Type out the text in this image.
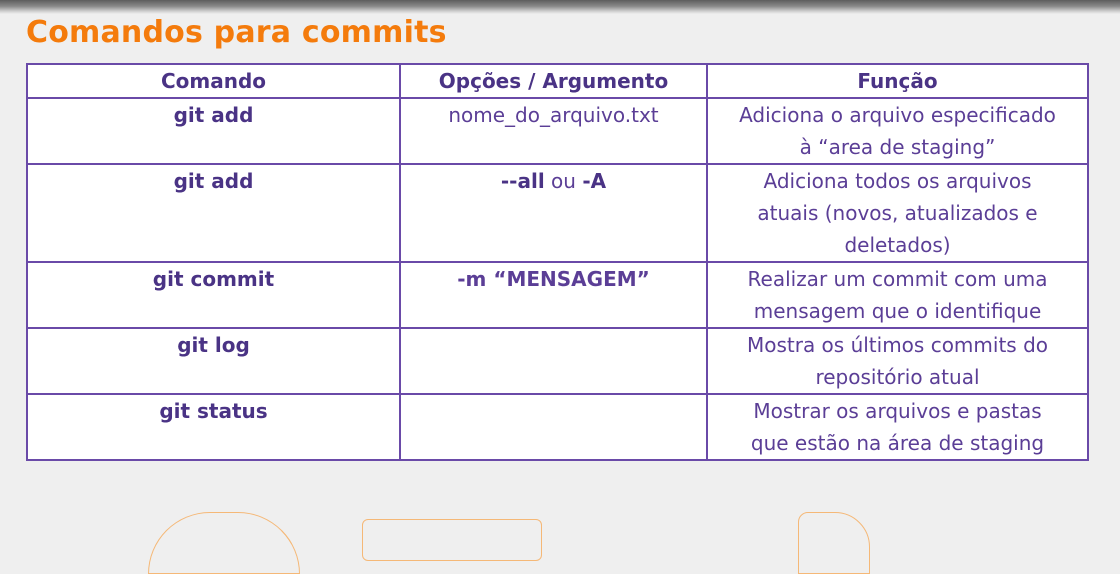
Comandos para commits
Comando	Opções / Argumento	Função
git add	nome_do_arquivo.txt	Adiciona o arquivo especificado
à “area de staging”

git add	--all ou -A	Adiciona todos os arquivos
atuais (novos, atualizados e
deletados)

git commit	-m “MENSAGEM”	Realizar um commit com uma
mensagem que o identifique

git log		Mostra os últimos commits do
repositório atual

git status		Mostrar os arquivos e pastas
que estão na área de staging
